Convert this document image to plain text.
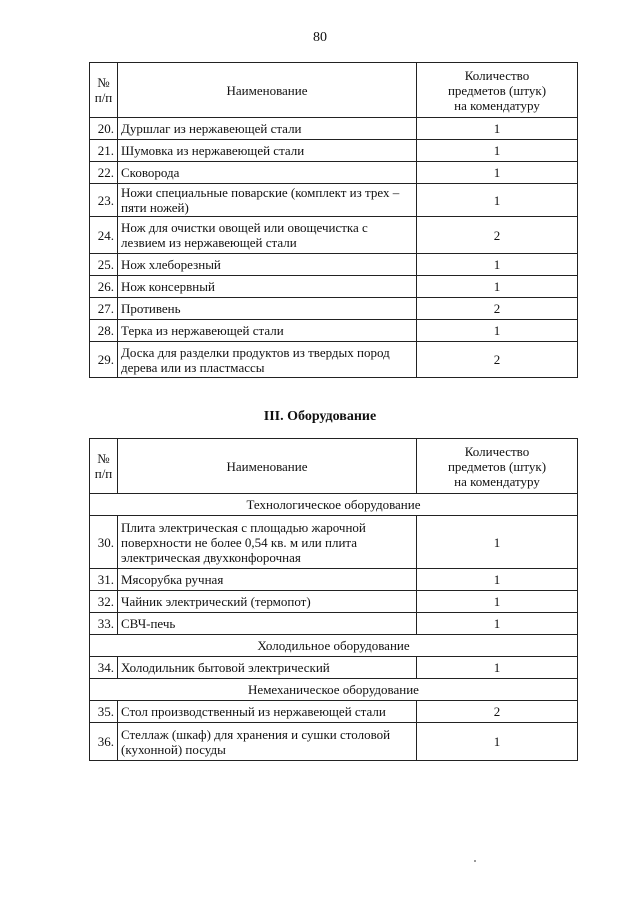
80
№
п/п	Наименование	Количество
предметов (штук)
на комендатуру
20.	Дуршлаг из нержавеющей стали	1
21.	Шумовка из нержавеющей стали	1
22.	Сковорода	1
23.	Ножи специальные поварские (комплект из трех – пяти ножей)	1
24.	Нож для очистки овощей или овощечистка с лезвием из нержавеющей стали	2
25.	Нож хлеборезный	1
26.	Нож консервный	1
27.	Противень	2
28.	Терка из нержавеющей стали	1
29.	Доска для разделки продуктов из твердых пород дерева или из пластмассы	2
III. Оборудование
№
п/п	Наименование	Количество
предметов (штук)
на комендатуру
Технологическое оборудование		
30.	Плита электрическая с площадью жарочной поверхности не более 0,54 кв. м или плита электрическая двухконфорочная	1
31.	Мясорубка ручная	1
32.	Чайник электрический (термопот)	1
33.	СВЧ-печь	1
Холодильное оборудование		
34.	Холодильник бытовой электрический	1
Немеханическое оборудование		
35.	Стол производственный из нержавеющей стали	2
36.	Стеллаж (шкаф) для хранения и сушки столовой (кухонной) посуды	1
